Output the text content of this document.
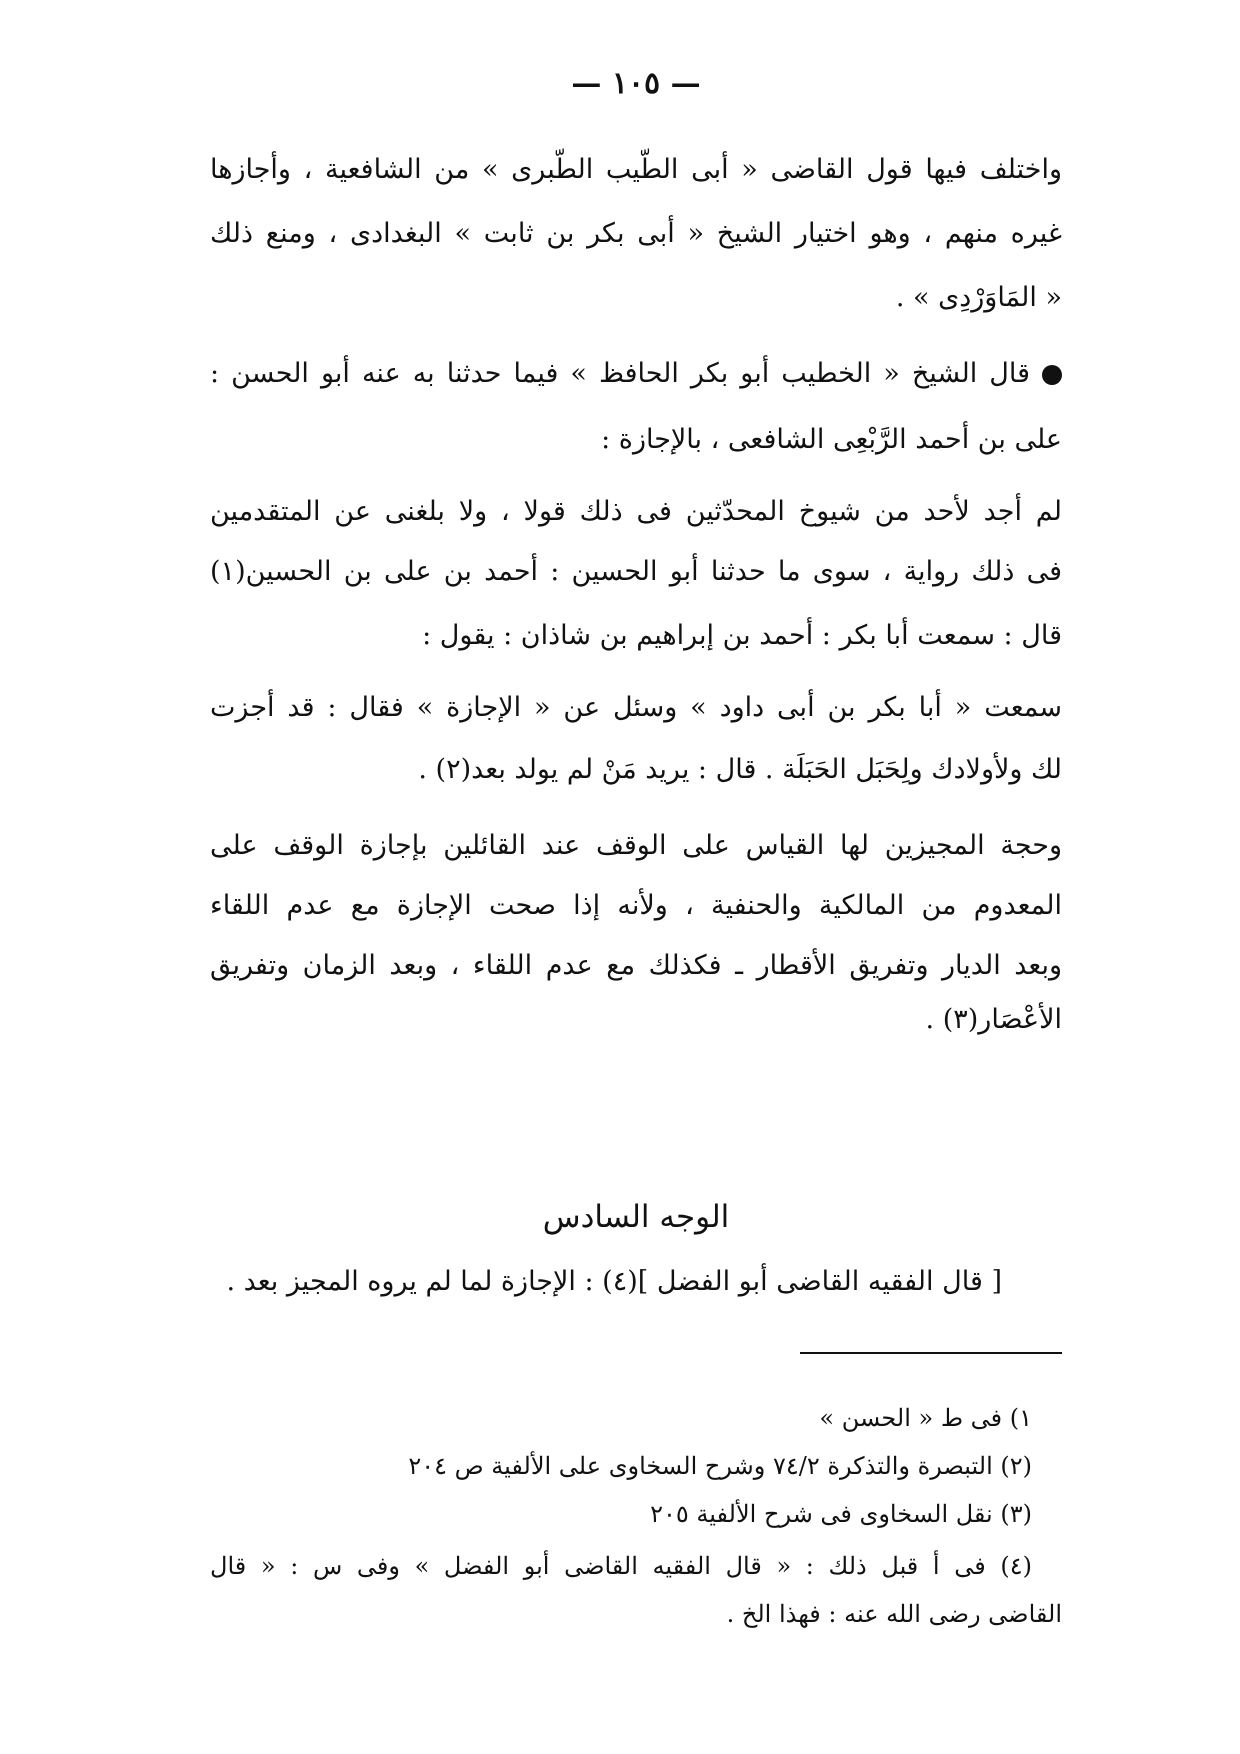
— ١٠٥ —
واختلف فيها قول القاضى « أبى الطّيب الطّبرى » من الشافعية ، وأجازها
غيره منهم ، وهو اختيار الشيخ « أبى بكر بن ثابت » البغدادى ، ومنع ذلك
« المَاوَرْدِى » .
قال الشيخ « الخطيب أبو بكر الحافظ » فيما حدثنا به عنه أبو الحسن :
على بن أحمد الرَّبْعِى الشافعى ، بالإجازة :
لم أجد لأحد من شيوخ المحدّثين فى ذلك قولا ، ولا بلغنى عن المتقدمين
فى ذلك رواية ، سوى ما حدثنا أبو الحسين : أحمد بن على بن الحسين(١)
قال : سمعت أبا بكر : أحمد بن إبراهيم بن شاذان : يقول :
سمعت « أبا بكر بن أبى داود » وسئل عن « الإجازة » فقال : قد أجزت
لك ولأولادك ولِحَبَل الحَبَلَة . قال : يريد مَنْ لم يولد بعد(٢) .
وحجة المجيزين لها القياس على الوقف عند القائلين بإجازة الوقف على
المعدوم من المالكية والحنفية ، ولأنه إذا صحت الإجازة مع عدم اللقاء
وبعد الديار وتفريق الأقطار ـ فكذلك مع عدم اللقاء ، وبعد الزمان وتفريق
الأعْصَار(٣) .
الوجه السادس
[ قال الفقيه القاضى أبو الفضل ](٤) : الإجازة لما لم يروه المجيز بعد .
١) فى ط « الحسن »
(٢) التبصرة والتذكرة ٧٤/٢ وشرح السخاوى على الألفية ص ٢٠٤
(٣) نقل السخاوى فى شرح الألفية ٢٠٥
(٤) فى أ قبل ذلك : « قال الفقيه القاضى أبو الفضل » وفى س : « قال
القاضى رضى الله عنه : فهذا الخ .
